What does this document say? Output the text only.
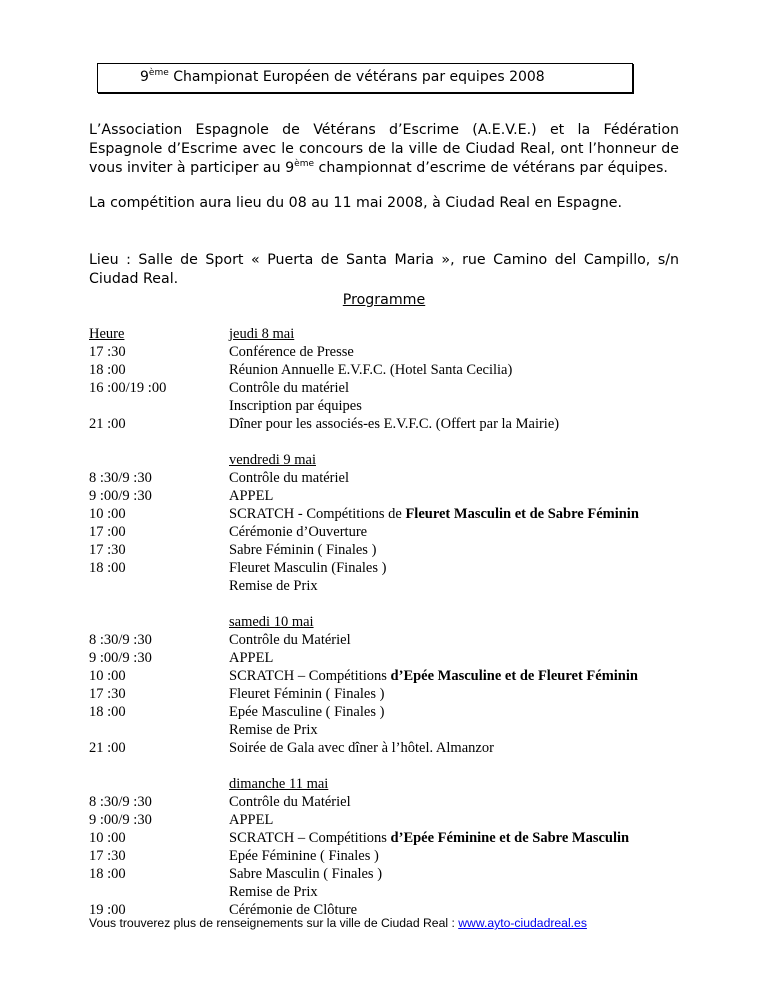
9ème Championat Européen de vétérans par equipes 2008
L’Association Espagnole de Vétérans d’Escrime (A.E.V.E.) et la Fédération Espagnole d’Escrime avec le concours de la ville de Ciudad Real, ont l’honneur de vous inviter à participer au 9ème championnat d’escrime de vétérans par équipes.
La compétition aura lieu du 08 au 11 mai 2008, à Ciudad Real en Espagne.
Lieu : Salle de Sport « Puerta de Santa Maria », rue Camino del Campillo, s/n Ciudad Real.
Programme
Heure	jeudi 8 mai
17 :30	Conférence de Presse
18 :00	Réunion Annuelle E.V.F.C. (Hotel Santa Cecilia)
16 :00/19 :00	Contrôle du matériel
Inscription par équipes
21 :00	Dîner pour les associés-es E.V.F.C. (Offert par la Mairie)
vendredi 9 mai
8 :30/9 :30	Contrôle du matériel
9 :00/9 :30	APPEL
10 :00	SCRATCH - Compétitions de Fleuret Masculin et de Sabre Féminin
17 :00	Cérémonie d’Ouverture
17 :30	Sabre Féminin ( Finales )
18 :00	Fleuret Masculin (Finales )
Remise de Prix
samedi 10 mai
8 :30/9 :30	Contrôle du Matériel
9 :00/9 :30	APPEL
10 :00	SCRATCH – Compétitions d’Epée Masculine et de Fleuret Féminin
17 :30	Fleuret Féminin ( Finales )
18 :00	Epée Masculine ( Finales )
Remise de Prix
21 :00	Soirée de Gala avec dîner à l’hôtel. Almanzor
dimanche 11 mai
8 :30/9 :30	Contrôle du Matériel
9 :00/9 :30	APPEL
10 :00	SCRATCH – Compétitions d’Epée Féminine et de Sabre Masculin
17 :30	Epée Féminine ( Finales )
18 :00	Sabre Masculin ( Finales )
Remise de Prix
19 :00	Cérémonie de Clôture
Vous trouverez plus de renseignements sur la ville de Ciudad Real : www.ayto-ciudadreal.es
